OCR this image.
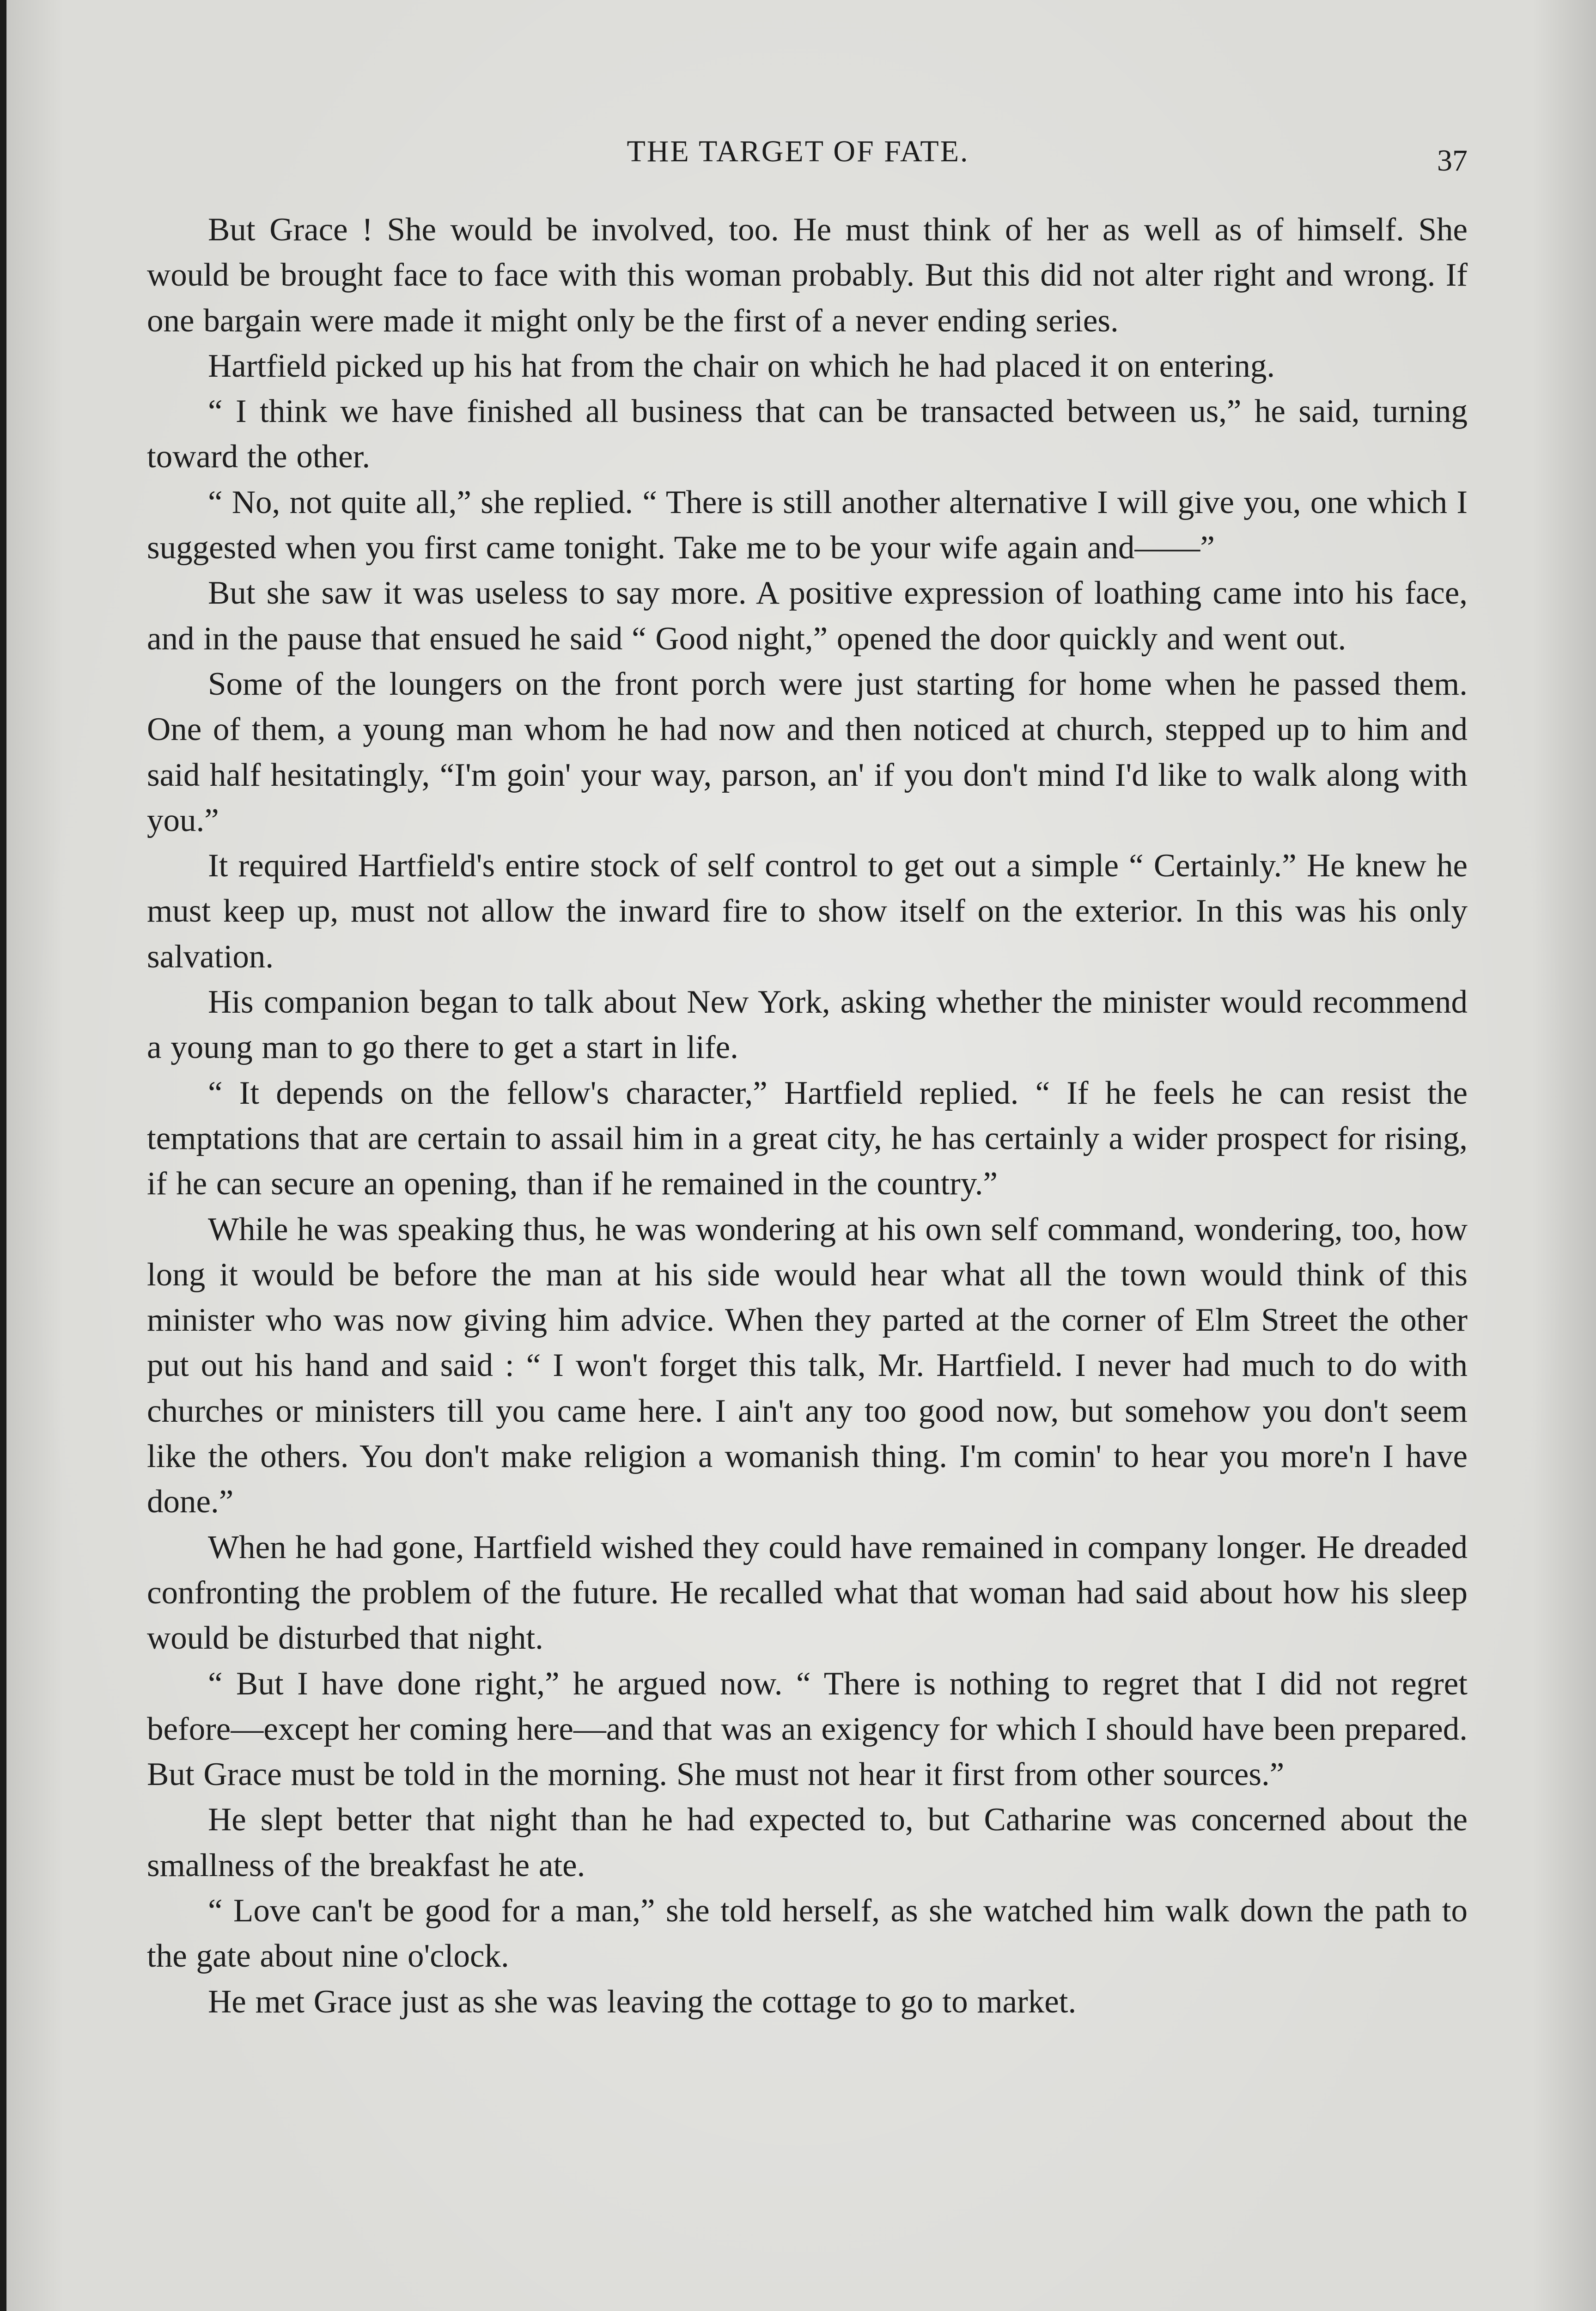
THE TARGET OF FATE.	37

But Grace ! She would be involved, too. He must think of her as well as of himself. She would be brought face to face with this woman probably. But this did not alter right and wrong. If one bargain were made it might only be the first of a never ending series.

Hartfield picked up his hat from the chair on which he had placed it on entering.

“ I think we have finished all business that can be transacted between us,” he said, turning toward the other.

“ No, not quite all,” she replied. “ There is still another alternative I will give you, one which I suggested when you first came tonight. Take me to be your wife again and——”

But she saw it was useless to say more. A positive expression of loathing came into his face, and in the pause that ensued he said “ Good night,” opened the door quickly and went out.

Some of the loungers on the front porch were just starting for home when he passed them. One of them, a young man whom he had now and then noticed at church, stepped up to him and said half hesitatingly, “I'm goin' your way, parson, an' if you don't mind I'd like to walk along with you.”

It required Hartfield's entire stock of self control to get out a simple “ Certainly.” He knew he must keep up, must not allow the inward fire to show itself on the exterior. In this was his only salvation.

His companion began to talk about New York, asking whether the minister would recommend a young man to go there to get a start in life.

“ It depends on the fellow's character,” Hartfield replied. “ If he feels he can resist the temptations that are certain to assail him in a great city, he has certainly a wider prospect for rising, if he can secure an opening, than if he remained in the country.”

While he was speaking thus, he was wondering at his own self command, wondering, too, how long it would be before the man at his side would hear what all the town would think of this minister who was now giving him advice. When they parted at the corner of Elm Street the other put out his hand and said : “ I won't forget this talk, Mr. Hartfield. I never had much to do with churches or ministers till you came here. I ain't any too good now, but somehow you don't seem like the others. You don't make religion a womanish thing. I'm comin' to hear you more'n I have done.”

When he had gone, Hartfield wished they could have remained in company longer. He dreaded confronting the problem of the future. He recalled what that woman had said about how his sleep would be disturbed that night.

“ But I have done right,” he argued now. “ There is nothing to regret that I did not regret before—except her coming here—and that was an exigency for which I should have been prepared. But Grace must be told in the morning. She must not hear it first from other sources.”

He slept better that night than he had expected to, but Catharine was concerned about the smallness of the breakfast he ate.

“ Love can't be good for a man,” she told herself, as she watched him walk down the path to the gate about nine o'clock.

He met Grace just as she was leaving the cottage to go to market.
